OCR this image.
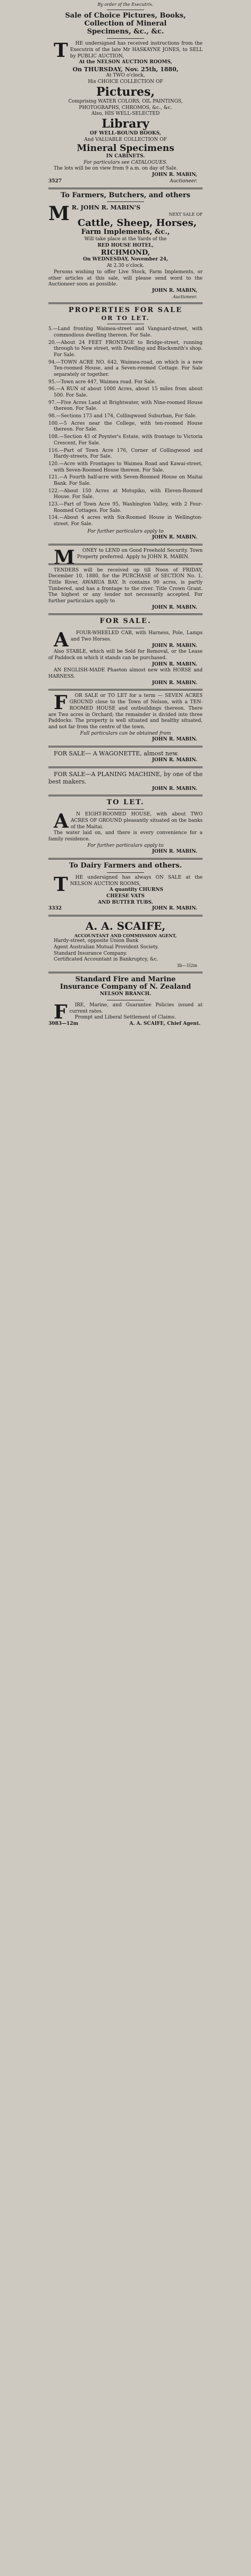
By order of the Executrix.
Sale of Choice Pictures, Books,
Collection of Mineral
Specimens, &c., &c.
T HE undersigned has received instructions from the Executrix of the late Mr HASKAYNE JONES, to SELL by PUBLIC AUCTION,
At the NELSON AUCTION ROOMS,
On THURSDAY, Nov. 25th, 1880,
At TWO o'clock,
His CHOICE COLLECTION OF
Pictures,
Comprising WATER COLORS, OIL PAINTINGS, PHOTOGRAPHS, CHROMOS, &c., &c.
Also, HIS WELL-SELECTED
Library
OF WELL-BOUND BOOKS,
And VALUABLE COLLECTION OF
Mineral Specimens
IN CABINETS.
For particulars see CATALOGUES.
The lots will be on view from 9 a.m. on day of Sale.
JOHN R. MABIN,
3527	Auctioneer.
To Farmers, Butchers, and others
M R. JOHN R. MABIN'S
NEXT SALE OF
Cattle, Sheep, Horses,
Farm Implements, &c.,
Will take place at the Yards of the
RED HOUSE HOTEL,
RICHMOND,
On WEDNESDAY, November 24,
At 2.30 o'clock.
Persons wishing to offer Live Stock, Farm Implements, or other articles at this sale, will please send word to the Auctioneer soon as possible.
JOHN R. MABIN,
Auctioneer.
PROPERTIES FOR SALE
OR TO LET.
5.—Land fronting Waimea-street and Vanguard-street, with commodious dwelling thereon. For Sale.
20.—About 24 FEET FRONTAGE to Bridge-street, running through to New street, with Dwelling and Blacksmith's shop. For Sale.
94.—TOWN ACRE NO. 642, Waimea-road, on which is a new Ten-roomed House, and a Seven-roomed Cottage. For Sale separately or together.
95.—Town acre 447, Waimea road. For Sale.
96.—A RUN of about 1000 Acres, about 15 miles from about 500. For Sale.
97.—Five Acres Land at Brightwater, with Nine-roomed House thereon. For Sale.
98.—Sections 173 and 174, Collingwood Suburban, For Sale.
100.—5 Acres near the College, with ten-roomed House thereon. For Sale.
108.—Section 43 of Poynter's Estate, with frontage to Victoria Crescent, For Sale.
116.—Part of Town Acre 176, Corner of Collingwood and Hardy-streets, For Sale.
120.—Acre with Frontages to Waimea Road and Kawai-street, with Seven-Roomed House thereon. For Sale.
121.—A Fourth half-acre with Seven-Roomed House on Maitai Bank. For Sale.
122.—About 150 Acres at Motupiko, with Eleven-Roomed House. For Sale.
123.—Part of Town Acre 95, Washington Valley, with 2 Four-Roomed Cottages. For Sale.
134.—About 4 acres with Six-Roomed House in Wellington-street. For Sale.
For further particulars apply to
JOHN R. MABIN.
M ONEY to LEND on Good Freehold Security. Town Property preferred. Apply to JOHN R. MABIN.
TENDERS will be received up till Noon of FRIDAY, December 10, 1880, for the PURCHASE of SECTION No. 1, Tittle River, AWARUA BAY. It contains 90 acres, is partly Timbered, and has a frontage to the river. Title Crown Grant. The highest or any tender not necessarily accepted. For further particulars apply to
JOHN R. MABIN.
FOR SALE.
A FOUR-WHEELED CAB, with Harness, Pole, Lamps and Two Horses.
JOHN R. MABIN.
Also STABLE, which will be Sold for Removal, or the Lease of Paddock on which it stands can be purchased.
JOHN R. MABIN.
AN ENGLISH-MADE Phaeton almost new with HORSE and HARNESS.
JOHN R. MABIN.
F OR SALE or TO LET for a term — SEVEN ACRES GROUND close to the Town of Nelson, with a TEN-ROOMED HOUSE and outbuildings thereon. There are Two acres in Orchard; the remainder is divided into three Paddocks. The property is well situated and healthy situated, and not far from the centre of the town.
Full particulars can be obtained from
JOHN R. MABIN.
FOR SALE— A WAGONETTE, almost new.
JOHN R. MABIN.
FOR SALE—A PLANING MACHINE, by one of the best makers.
JOHN R. MABIN.
TO LET.
A N EIGHT-ROOMED HOUSE, with about TWO ACRES OF GROUND pleasantly situated on the banks of the Maitai.
The water laid on, and there is every convenience for a family residence.
For further particulars apply to
JOHN R. MABIN.
To Dairy Farmers and others.
T HE undersigned has always ON SALE at the NELSON AUCTION ROOMS,
A quantity CHURNS
CHEESE VATS
AND BUTTER TUBS.
3332	JOHN R. MABIN.
A. A. SCAIFE,
ACCOUNTANT AND COMMISSION AGENT,
Hardy-street, opposite Union Bank
Agent Australian Mutual Provident Society.
Standard Insurance Company.
Certificated Accountant in Bankruptcy, &c.
3b—1l2m
Standard Fire and Marine
Insurance Company of N. Zealand
NELSON BRANCH.
F IRE, Marine, and Guarantee Policies issued at current rates.
Prompt and Liberal Settlement of Claims.
3083—12m	A. A. SCAIFE, Chief Agent.
